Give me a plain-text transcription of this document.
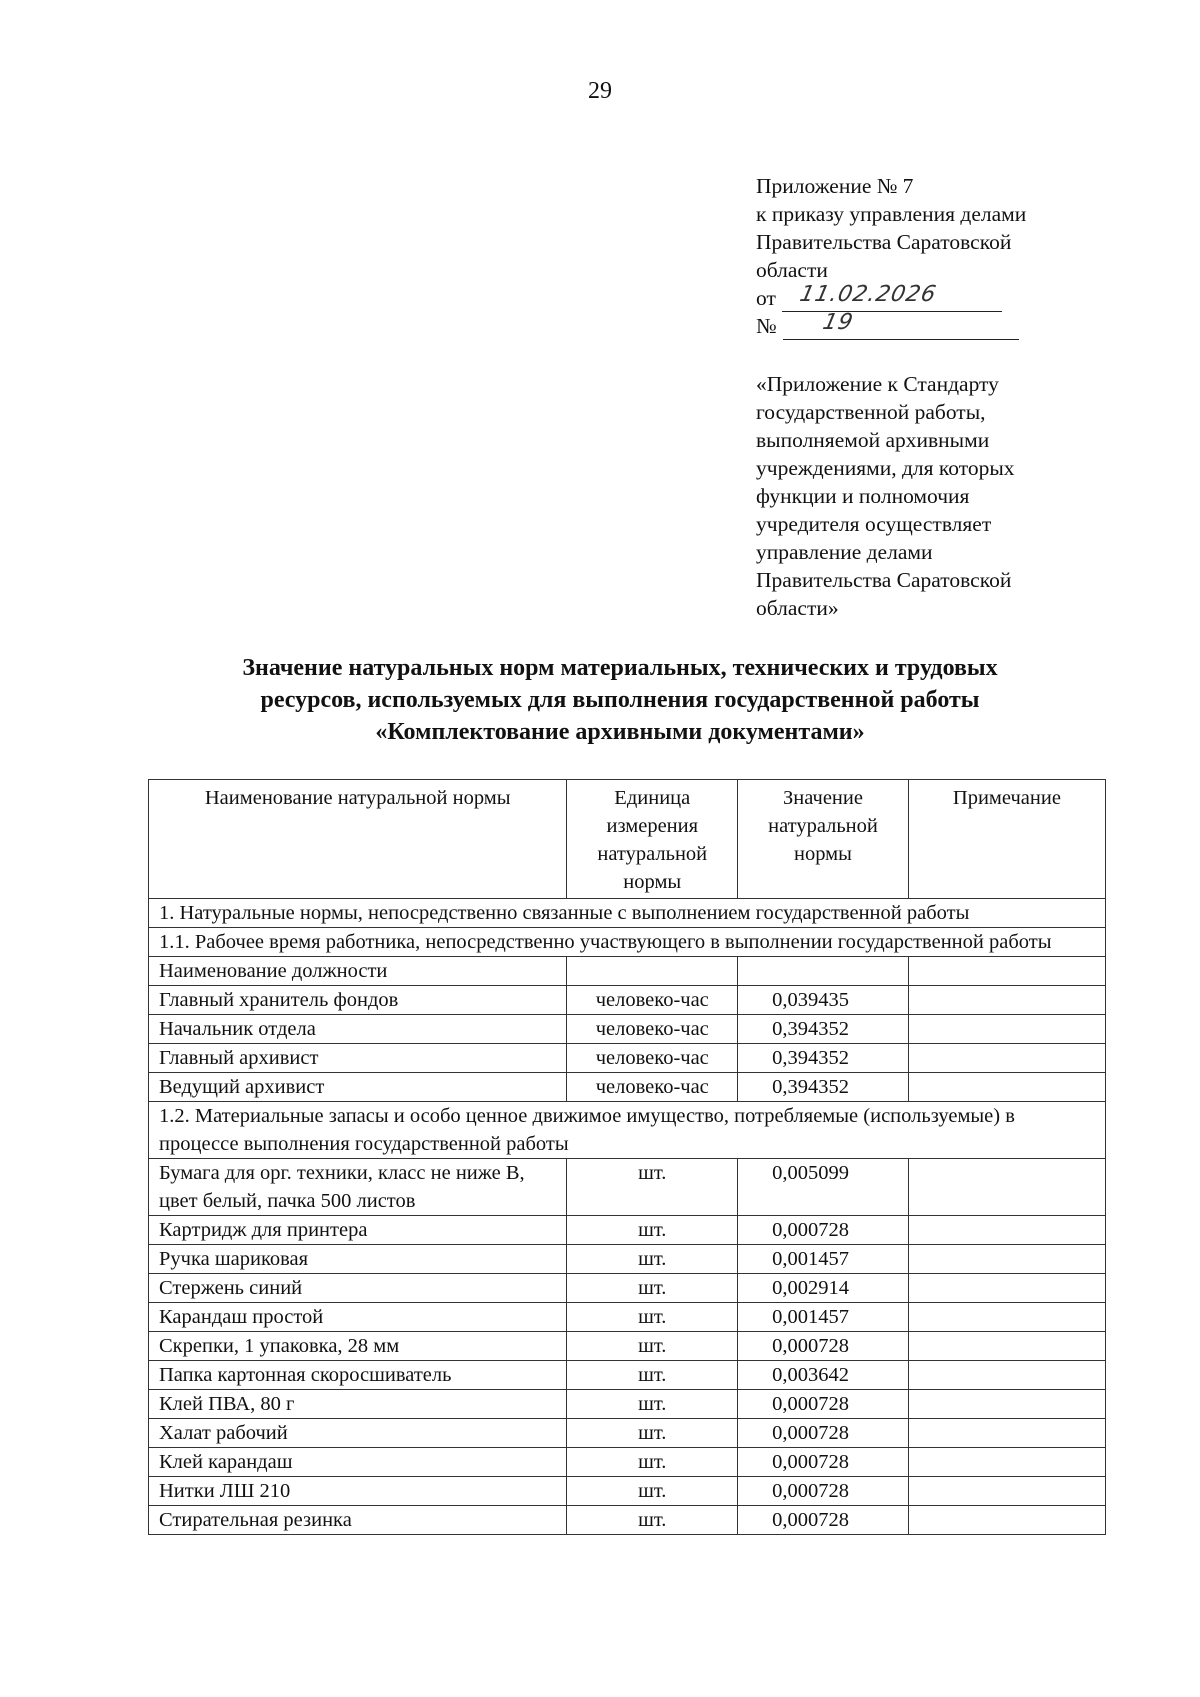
29
Приложение № 7
к приказу управления делами
Правительства Саратовской
области
от 11.02.2026
№ 19
«Приложение к Стандарту
государственной работы,
выполняемой архивными
учреждениями, для которых
функции и полномочия
учредителя осуществляет
управление делами
Правительства Саратовской
области»
Значение натуральных норм материальных, технических и трудовых
ресурсов, используемых для выполнения государственной работы
«Комплектование архивными документами»
Наименование натуральной нормы	Единица измерения натуральной нормы	Значение натуральной нормы	Примечание
1. Натуральные нормы, непосредственно связанные с выполнением государственной работы			
1.1. Рабочее время работника, непосредственно участвующего в выполнении государственной работы			
Наименование должности			
Главный хранитель фондов	человеко-час	0,039435	
Начальник отдела	человеко-час	0,394352	
Главный архивист	человеко-час	0,394352	
Ведущий архивист	человеко-час	0,394352	
1.2. Материальные запасы и особо ценное движимое имущество, потребляемые (используемые) в процессе выполнения государственной работы			
Бумага для орг. техники, класс не ниже В, цвет белый, пачка 500 листов	шт.	0,005099	
Картридж для принтера	шт.	0,000728	
Ручка шариковая	шт.	0,001457	
Стержень синий	шт.	0,002914	
Карандаш простой	шт.	0,001457	
Скрепки, 1 упаковка, 28 мм	шт.	0,000728	
Папка картонная скоросшиватель	шт.	0,003642	
Клей ПВА, 80 г	шт.	0,000728	
Халат рабочий	шт.	0,000728	
Клей карандаш	шт.	0,000728	
Нитки ЛШ 210	шт.	0,000728	
Стирательная резинка	шт.	0,000728	
